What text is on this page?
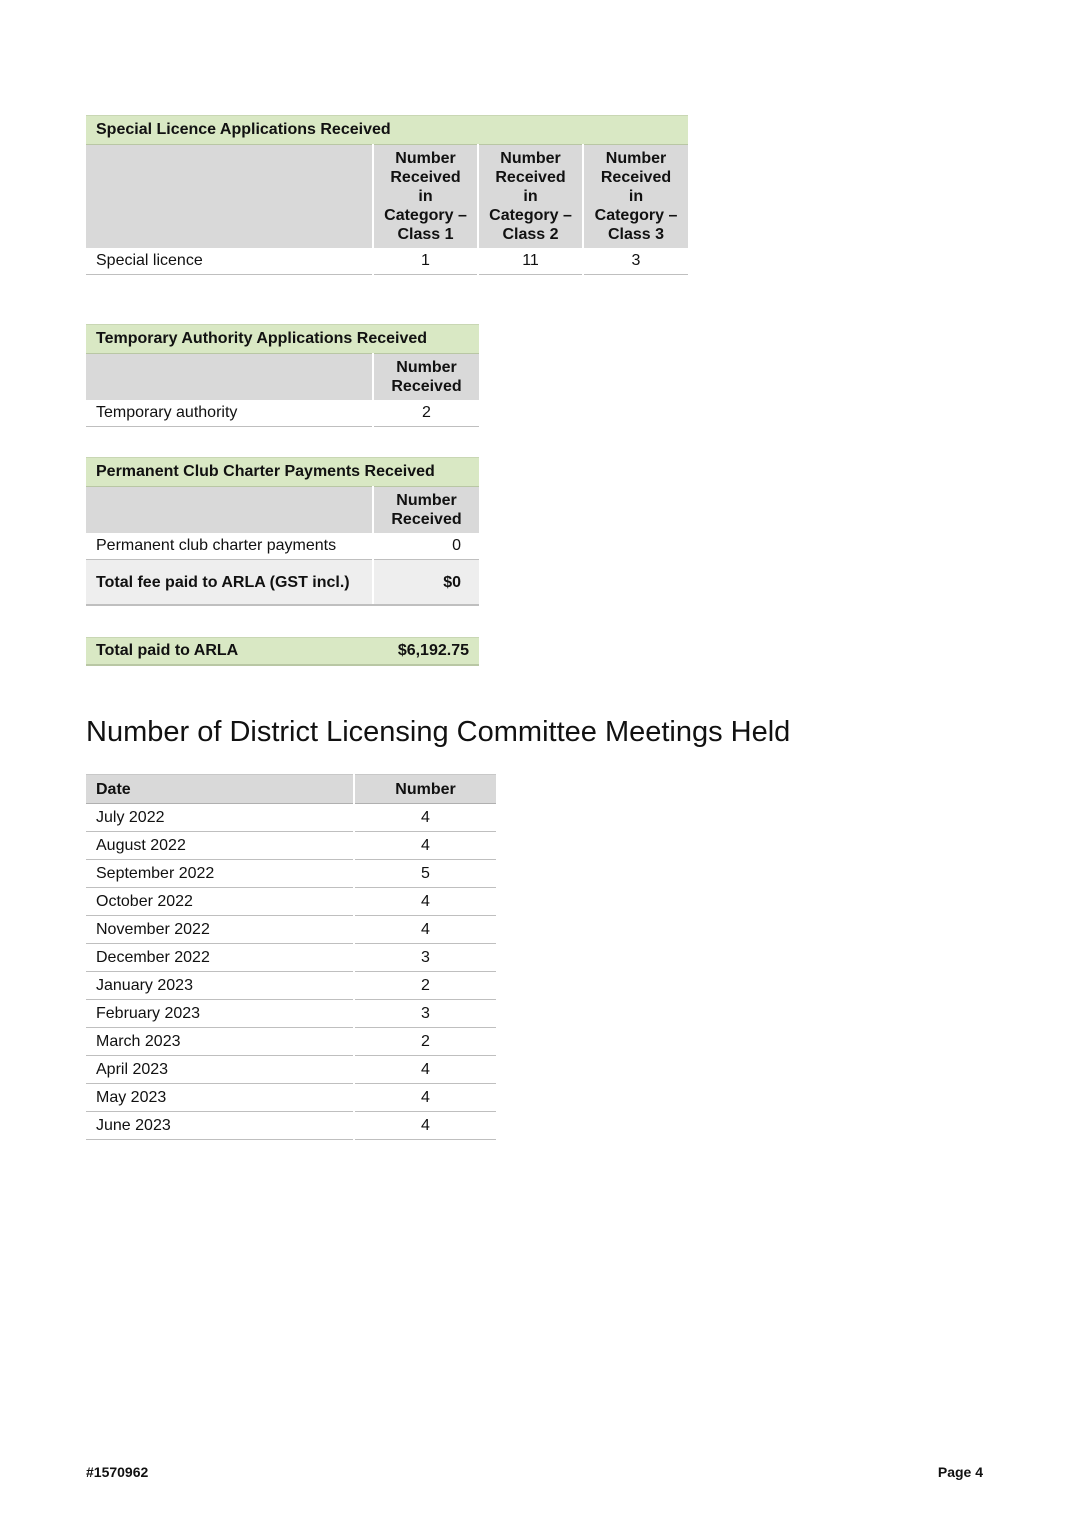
Special Licence Applications Received			
	Number Received in Category – Class 1	Number Received in Category – Class 2	Number Received in Category – Class 3
Special licence	1	11	3
Temporary Authority Applications Received	
	Number Received
Temporary authority	2
Permanent Club Charter Payments Received	
	Number Received
Permanent club charter payments	0
Total fee paid to ARLA (GST incl.)	$0
Total paid to ARLA	$6,192.75
Number of District Licensing Committee Meetings Held
Date	Number
July 2022	4
August 2022	4
September 2022	5
October 2022	4
November 2022	4
December 2022	3
January 2023	2
February 2023	3
March 2023	2
April 2023	4
May 2023	4
June 2023	4
#1570962	Page 4
